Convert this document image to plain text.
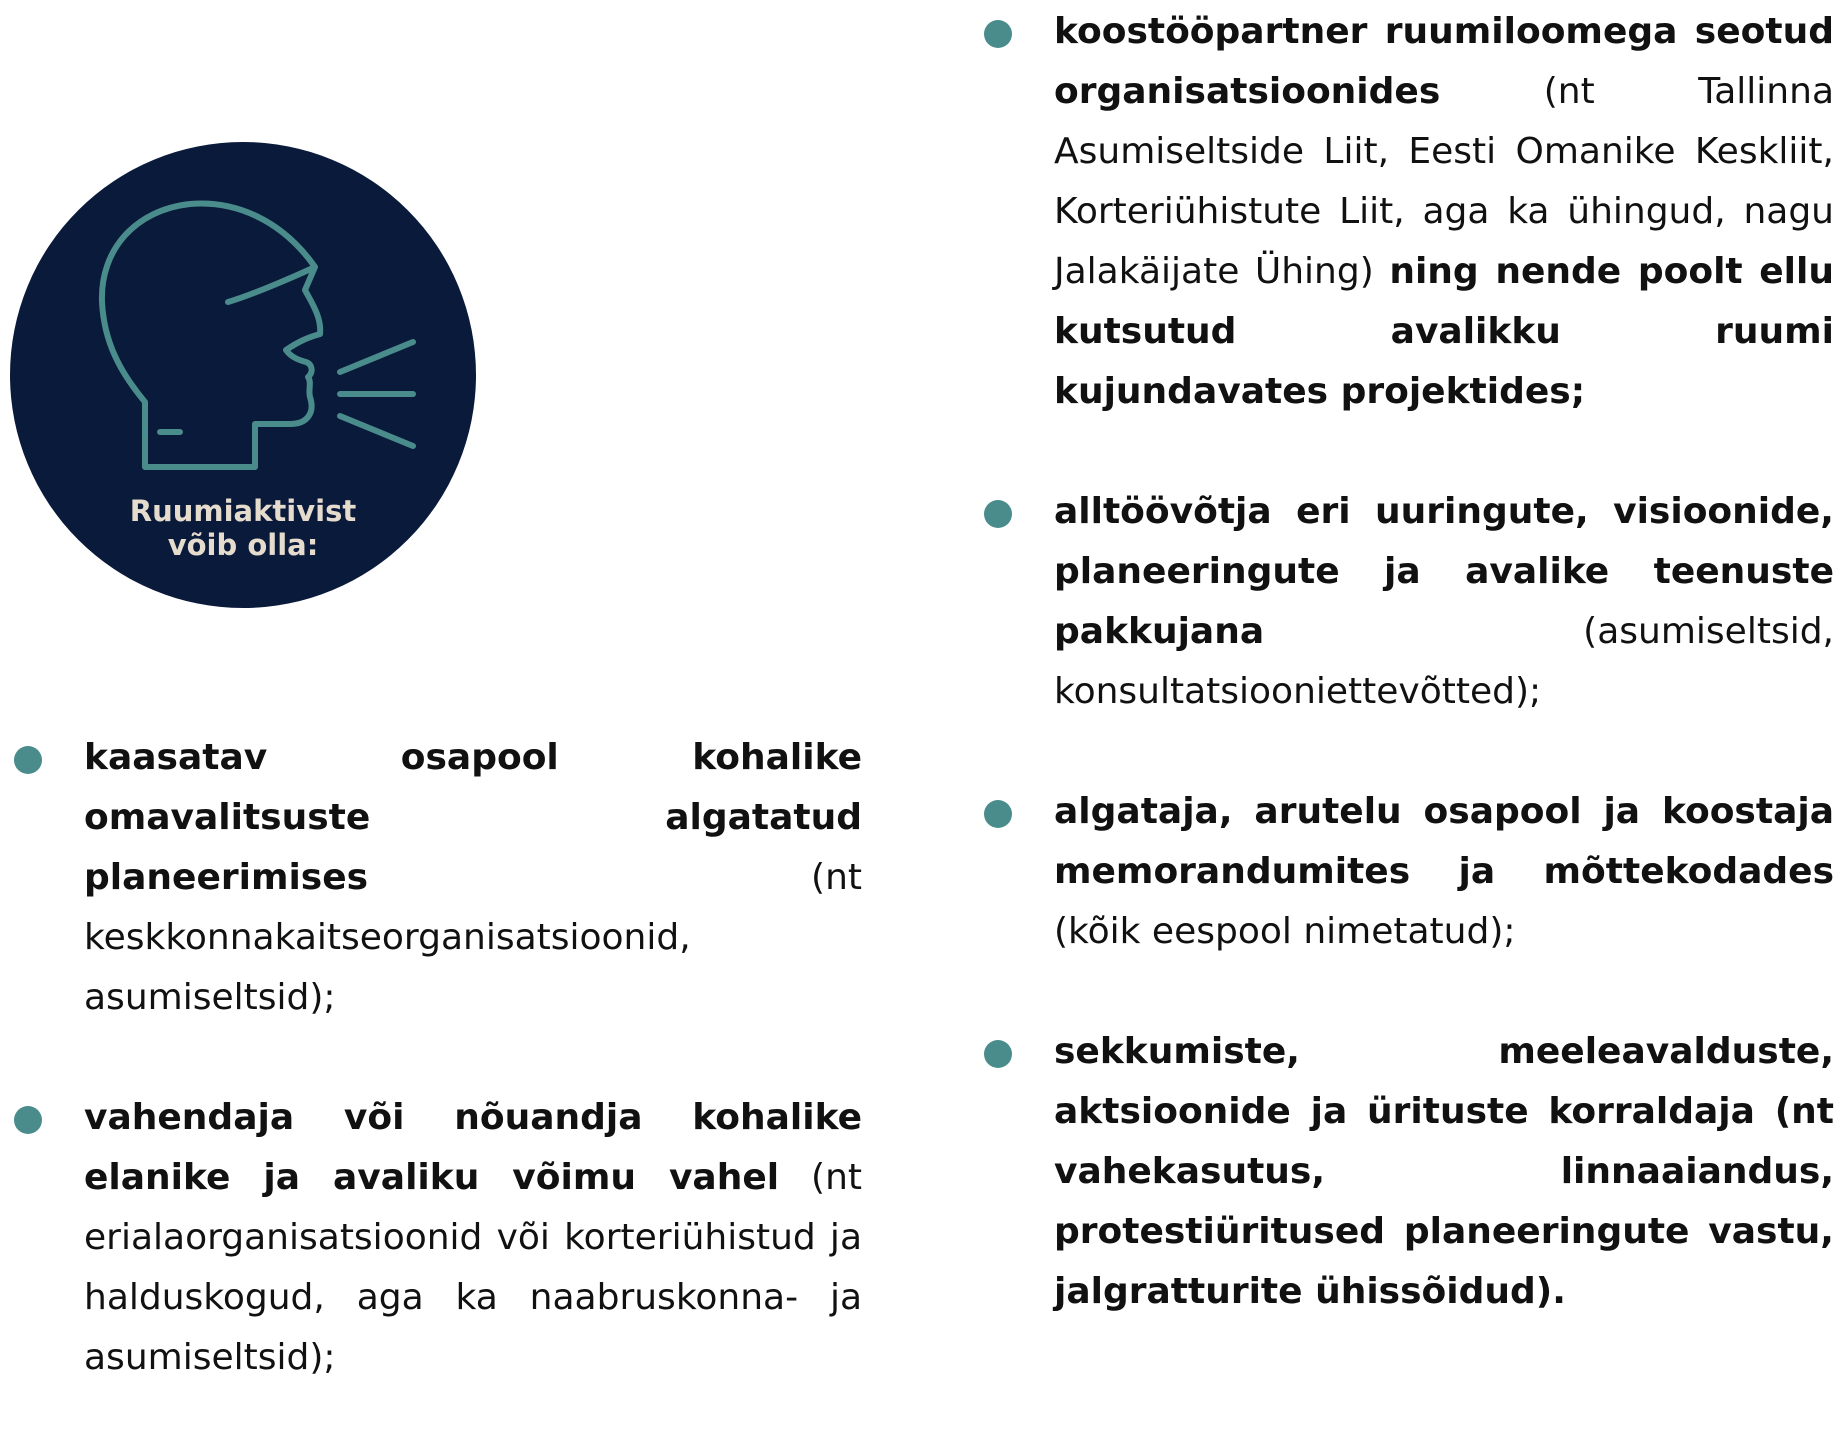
Ruumiaktivist
võib olla:
kaasatav osapool kohalike omavalitsuste algatatud planeerimises (nt keskkonnakaitseorganisatsioonid, asumiseltsid);
vahendaja või nõuandja kohalike elanike ja avaliku võimu vahel (nt erialaorganisatsioonid või korteriühistud ja halduskogud, aga ka naabruskonna- ja asumiseltsid);
koostööpartner ruumiloomega seotud organisatsioonides (nt Tallinna Asumiseltside Liit, Eesti Omanike Keskliit, Korteriühistute Liit, aga ka ühingud, nagu Jalakäijate Ühing) ning nende poolt ellu kutsutud avalikku ruumi kujundavates projektides;
alltöövõtja eri uuringute, visioonide, planeeringute ja avalike teenuste pakkujana (asumiseltsid, konsultatsiooniettevõtted);
algataja, arutelu osapool ja koostaja memorandumites ja mõttekodades (kõik eespool nimetatud);
sekkumiste, meeleavalduste, aktsioonide ja ürituste korraldaja (nt vahekasutus, linnaaiandus, protestiüritused planeeringute vastu, jalgratturite ühissõidud).
